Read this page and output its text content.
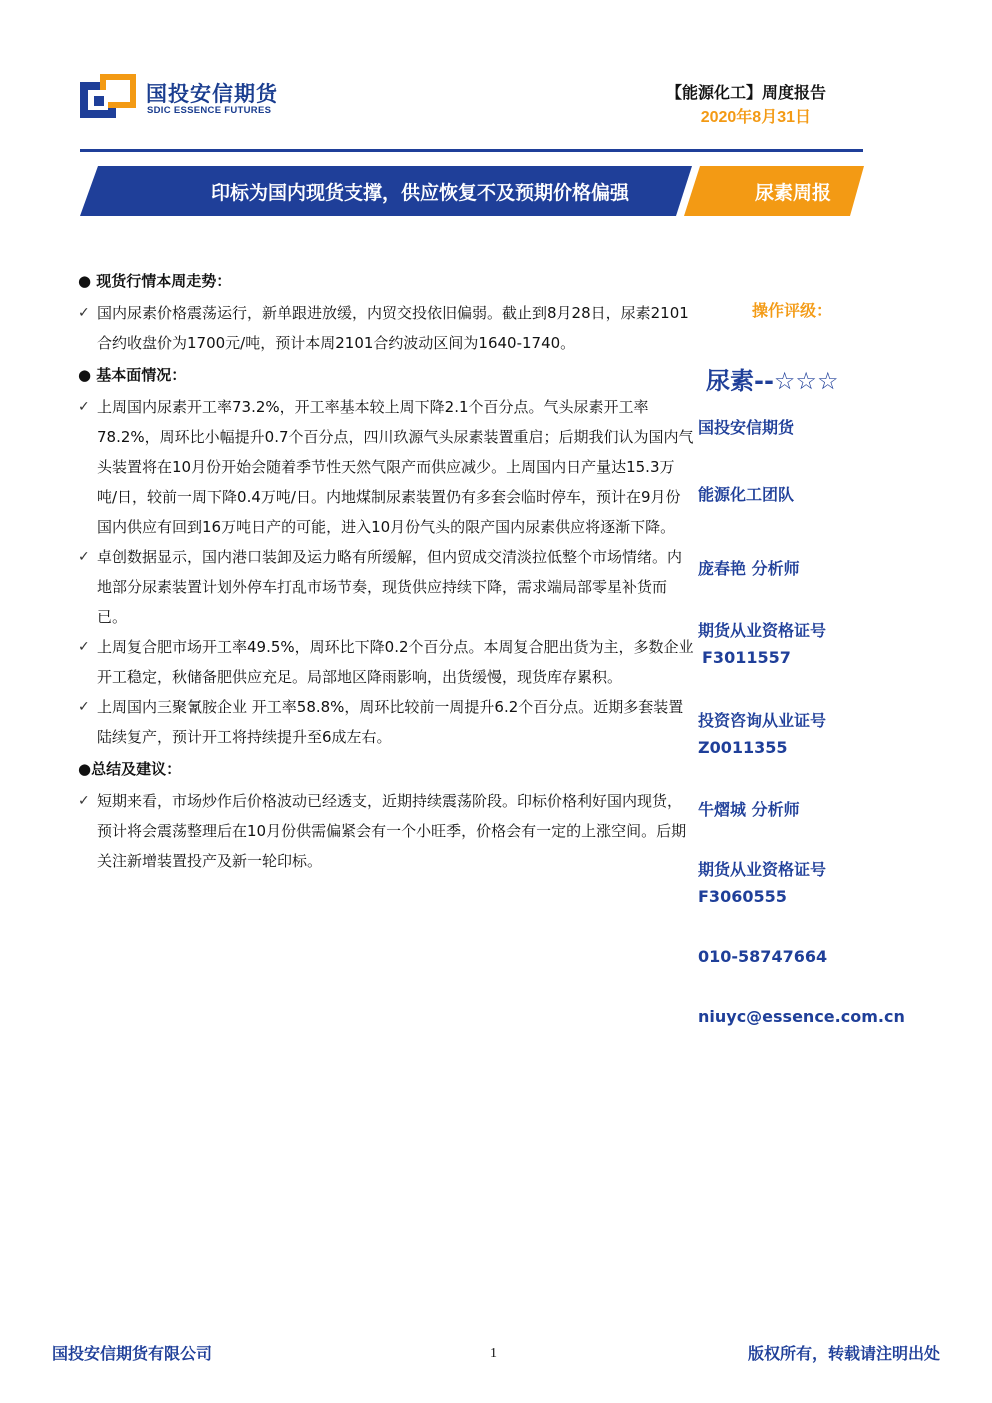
国投安信期货
SDIC ESSENCE FUTURES
【能源化工】周度报告
2020年8月31日
印标为国内现货支撑，供应恢复不及预期价格偏强	尿素周报
● 现货行情本周走势：
✓ 国内尿素价格震荡运行，新单跟进放缓，内贸交投依旧偏弱。截止到8月28日，尿素2101合约收盘价为1700元/吨，预计本周2101合约波动区间为1640-1740。
● 基本面情况：
✓ 上周国内尿素开工率73.2%，开工率基本较上周下降2.1个百分点。气头尿素开工率78.2%，周环比小幅提升0.7个百分点，四川玖源气头尿素装置重启；后期我们认为国内气头装置将在10月份开始会随着季节性天然气限产而供应减少。上周国内日产量达15.3万吨/日，较前一周下降0.4万吨/日。内地煤制尿素装置仍有多套会临时停车，预计在9月份国内供应有回到16万吨日产的可能，进入10月份气头的限产国内尿素供应将逐渐下降。
✓ 卓创数据显示，国内港口装卸及运力略有所缓解，但内贸成交清淡拉低整个市场情绪。内地部分尿素装置计划外停车打乱市场节奏，现货供应持续下降，需求端局部零星补货而已。
✓ 上周复合肥市场开工率49.5%，周环比下降0.2个百分点。本周复合肥出货为主，多数企业开工稳定，秋储备肥供应充足。局部地区降雨影响，出货缓慢，现货库存累积。
✓ 上周国内三聚氰胺企业 开工率58.8%，周环比较前一周提升6.2个百分点。近期多套装置陆续复产，预计开工将持续提升至6成左右。
●总结及建议：
✓ 短期来看，市场炒作后价格波动已经透支，近期持续震荡阶段。印标价格利好国内现货，预计将会震荡整理后在10月份供需偏紧会有一个小旺季，价格会有一定的上涨空间。后期关注新增装置投产及新一轮印标。
操作评级：
尿素--☆☆☆
国投安信期货
能源化工团队
庞春艳 分析师
期货从业资格证号
F3011557
投资咨询从业证号
Z0011355
牛熠城 分析师
期货从业资格证号
F3060555
010-58747664
niuyc@essence.com.cn
国投安信期货有限公司	1	版权所有，转载请注明出处
